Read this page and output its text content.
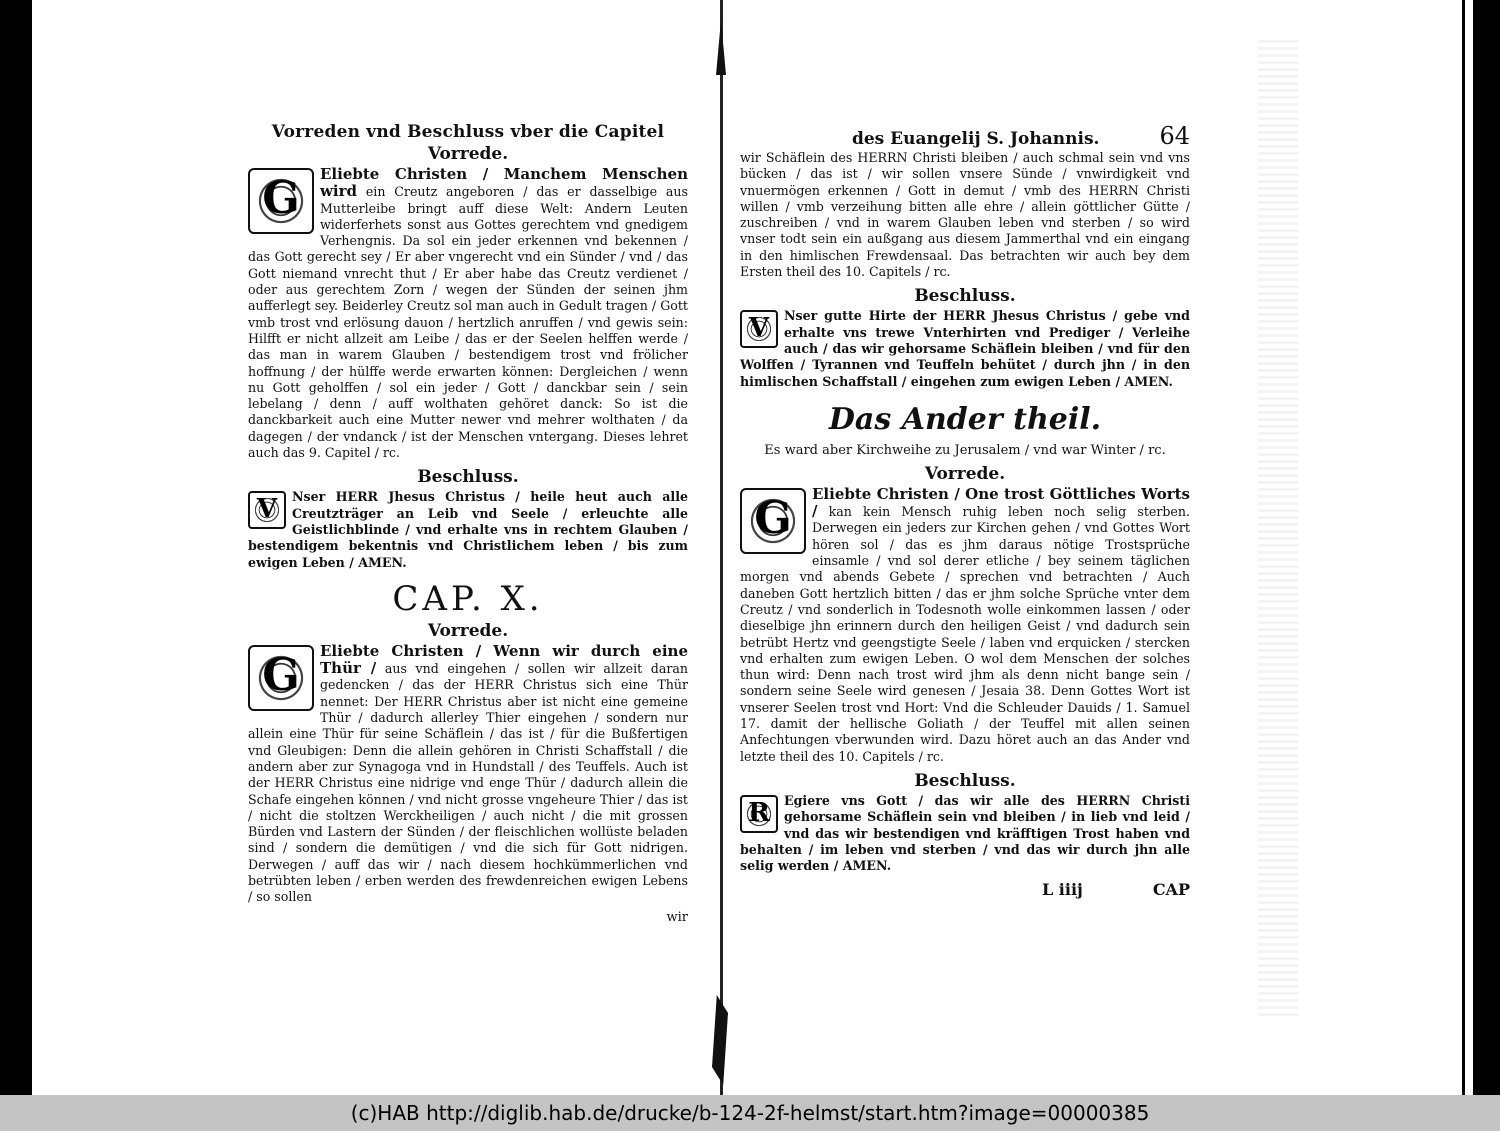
Vorreden vnd Beschluss vber die Capitel
Vorrede.
G	Eliebte Christen / Manchem Menschen wird ein Creutz angeboren / das er dasselbige aus Mutterleibe bringt auff diese Welt: Andern Leuten widerferhets sonst aus Gottes gerechtem vnd gnedigem Verhengnis. Da sol ein jeder erkennen vnd bekennen / das Gott gerecht sey / Er aber vngerecht vnd ein Sünder / vnd / das Gott niemand vnrecht thut / Er aber habe das Creutz verdienet / oder aus gerechtem Zorn / wegen der Sünden der seinen jhm aufferlegt sey. Beiderley Creutz sol man auch in Gedult tragen / Gott vmb trost vnd erlösung dauon / hertzlich anruffen / vnd gewis sein: Hilfft er nicht allzeit am Leibe / das er der Seelen helffen werde / das man in warem Glauben / bestendigem trost vnd frölicher hoffnung / der hülffe werde erwarten können: Dergleichen / wenn nu Gott geholffen / sol ein jeder / Gott / danckbar sein / sein lebelang / denn / auff wolthaten gehöret danck: So ist die danckbarkeit auch eine Mutter newer vnd mehrer wolthaten / da dagegen / der vndanck / ist der Menschen vntergang. Dieses lehret auch das 9. Capitel / rc.
Beschluss.
V	Nser HERR Jhesus Christus / heile heut auch alle Creutzträger an Leib vnd Seele / erleuchte alle Geistlichblinde / vnd erhalte vns in rechtem Glauben / bestendigem bekentnis vnd Christlichem leben / bis zum ewigen Leben / AMEN.
CAP. X.
Vorrede.
G	Eliebte Christen / Wenn wir durch eine Thür / aus vnd eingehen / sollen wir allzeit daran gedencken / das der HERR Christus sich eine Thür nennet: Der HERR Christus aber ist nicht eine gemeine Thür / dadurch allerley Thier eingehen / sondern nur allein eine Thür für seine Schäflein / das ist / für die Bußfertigen vnd Gleubigen: Denn die allein gehören in Christi Schaffstall / die andern aber zur Synagoga vnd in Hundstall / des Teuffels. Auch ist der HERR Christus eine nidrige vnd enge Thür / dadurch allein die Schafe eingehen können / vnd nicht grosse vngeheure Thier / das ist / nicht die stoltzen Werckheiligen / auch nicht / die mit grossen Bürden vnd Lastern der Sünden / der fleischlichen wollüste beladen sind / sondern die demütigen / vnd die sich für Gott nidrigen. Derwegen / auff das wir / nach diesem hochkümmerlichen vnd betrübten leben / erben werden des frewdenreichen ewigen Lebens / so sollen
wir
des Euangelij S. Johannis.	64
wir Schäflein des HERRN Christi bleiben / auch schmal sein vnd vns bücken / das ist / wir sollen vnsere Sünde / vnwirdigkeit vnd vnuermögen erkennen / Gott in demut / vmb des HERRN Christi willen / vmb verzeihung bitten alle ehre / allein göttlicher Gütte / zuschreiben / vnd in warem Glauben leben vnd sterben / so wird vnser todt sein ein außgang aus diesem Jammerthal vnd ein eingang in den himlischen Frewdensaal. Das betrachten wir auch bey dem Ersten theil des 10. Capitels / rc.
Beschluss.
V	Nser gutte Hirte der HERR Jhesus Christus / gebe vnd erhalte vns trewe Vnterhirten vnd Prediger / Verleihe auch / das wir gehorsame Schäflein bleiben / vnd für den Wolffen / Tyrannen vnd Teuffeln behütet / durch jhn / in den himlischen Schaffstall / eingehen zum ewigen Leben / AMEN.
Das Ander theil.
Es ward aber Kirchweihe zu Jerusalem / vnd war Winter / rc.
Vorrede.
G	Eliebte Christen / One trost Göttliches Worts / kan kein Mensch ruhig leben noch selig sterben. Derwegen ein jeders zur Kirchen gehen / vnd Gottes Wort hören sol / das es jhm daraus nötige Trostsprüche einsamle / vnd sol derer etliche / bey seinem täglichen morgen vnd abends Gebete / sprechen vnd betrachten / Auch daneben Gott hertzlich bitten / das er jhm solche Sprüche vnter dem Creutz / vnd sonderlich in Todesnoth wolle einkommen lassen / oder dieselbige jhn erinnern durch den heiligen Geist / vnd dadurch sein betrübt Hertz vnd geengstigte Seele / laben vnd erquicken / stercken vnd erhalten zum ewigen Leben. O wol dem Menschen der solches thun wird: Denn nach trost wird jhm als denn nicht bange sein / sondern seine Seele wird genesen / Jesaia 38. Denn Gottes Wort ist vnserer Seelen trost vnd Hort: Vnd die Schleuder Dauids / 1. Samuel 17. damit der hellische Goliath / der Teuffel mit allen seinen Anfechtungen vberwunden wird. Dazu höret auch an das Ander vnd letzte theil des 10. Capitels / rc.
Beschluss.
R	Egiere vns Gott / das wir alle des HERRN Christi gehorsame Schäflein sein vnd bleiben / in lieb vnd leid / vnd das wir bestendigen vnd kräfftigen Trost haben vnd behalten / im leben vnd sterben / vnd das wir durch jhn alle selig werden / AMEN.
L iiij	CAP
(c)HAB http://diglib.hab.de/drucke/b-124-2f-helmst/start.htm?image=00000385
